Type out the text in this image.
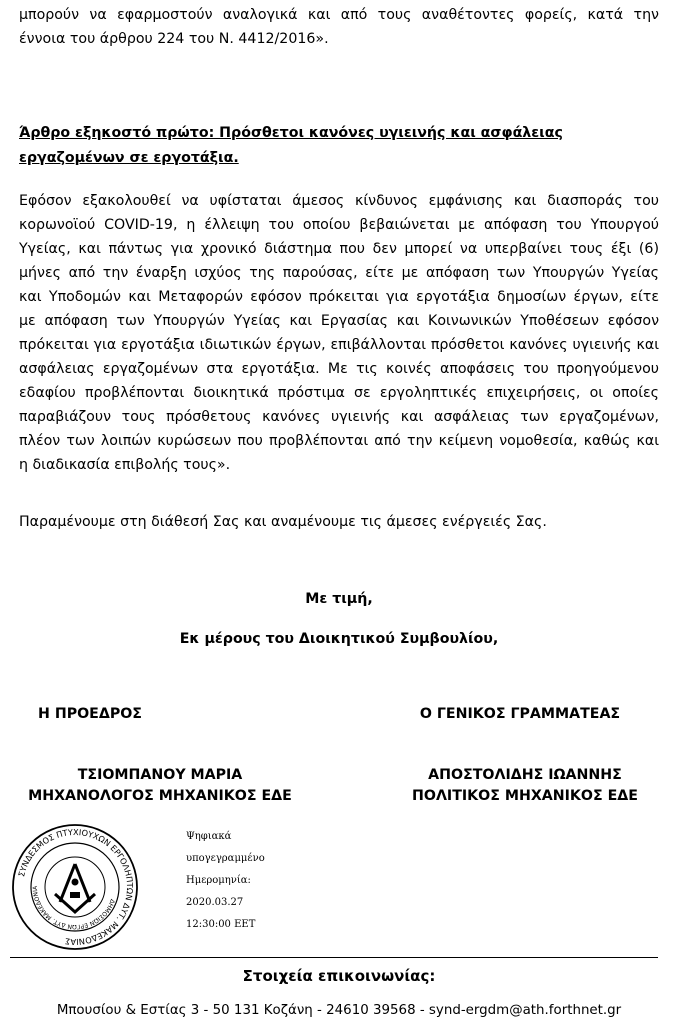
μπορούν να εφαρμοστούν αναλογικά και από τους αναθέτοντες φορείς, κατά την
έννοια του άρθρου 224 του Ν. 4412/2016».
Άρθρο εξηκοστό πρώτο: Πρόσθετοι κανόνες υγιεινής και ασφάλειας
εργαζομένων σε εργοτάξια.
Εφόσον εξακολουθεί να υφίσταται άμεσος κίνδυνος εμφάνισης και διασποράς του
κορωνοϊού COVID-19, η έλλειψη του οποίου βεβαιώνεται με απόφαση του Υπουργού
Υγείας, και πάντως για χρονικό διάστημα που δεν μπορεί να υπερβαίνει τους έξι (6)
μήνες από την έναρξη ισχύος της παρούσας, είτε με απόφαση των Υπουργών Υγείας
και Υποδομών και Μεταφορών εφόσον πρόκειται για εργοτάξια δημοσίων έργων, είτε
με απόφαση των Υπουργών Υγείας και Εργασίας και Κοινωνικών Υποθέσεων εφόσον
πρόκειται για εργοτάξια ιδιωτικών έργων, επιβάλλονται πρόσθετοι κανόνες υγιεινής και
ασφάλειας εργαζομένων στα εργοτάξια. Με τις κοινές αποφάσεις του προηγούμενου
εδαφίου προβλέπονται διοικητικά πρόστιμα σε εργοληπτικές επιχειρήσεις, οι οποίες
παραβιάζουν τους πρόσθετους κανόνες υγιεινής και ασφάλειας των εργαζομένων,
πλέον των λοιπών κυρώσεων που προβλέπονται από την κείμενη νομοθεσία, καθώς και
η διαδικασία επιβολής τους».
Παραμένουμε στη διάθεσή Σας και αναμένουμε τις άμεσες ενέργειές Σας.
Με τιμή,
Εκ μέρους του Διοικητικού Συμβουλίου,
Η ΠΡΟΕΔΡΟΣ	Ο ΓΕΝΙΚΟΣ ΓΡΑΜΜΑΤΕΑΣ
ΤΣΙΟΜΠΑΝΟΥ ΜΑΡΙΑ
ΜΗΧΑΝΟΛΟΓΟΣ ΜΗΧΑΝΙΚΟΣ ΕΔΕ
ΑΠΟΣΤΟΛΙΔΗΣ ΙΩΑΝΝΗΣ
ΠΟΛΙΤΙΚΟΣ ΜΗΧΑΝΙΚΟΣ ΕΔΕ
ΣΥΝΔΕΣΜΟΣ ΠΤΥΧΙΟΥΧΩΝ ΕΡΓΟΛΗΠΤΩΝ ΔΥΤ. ΜΑΚΕΔΟΝΙΑΣ
ΔΗΜΟΣΙΩΝ ΕΡΓΩΝ ΔΥΤ. ΜΑΚΕΔΟΝΙΑ
Ψηφιακά
υπογεγραμμένο
Ημερομηνία:
2020.03.27
12:30:00 EET
Στοιχεία επικοινωνίας:
Μπουσίου & Εστίας 3 - 50 131 Κοζάνη - 24610 39568 - synd-ergdm@ath.forthnet.gr
